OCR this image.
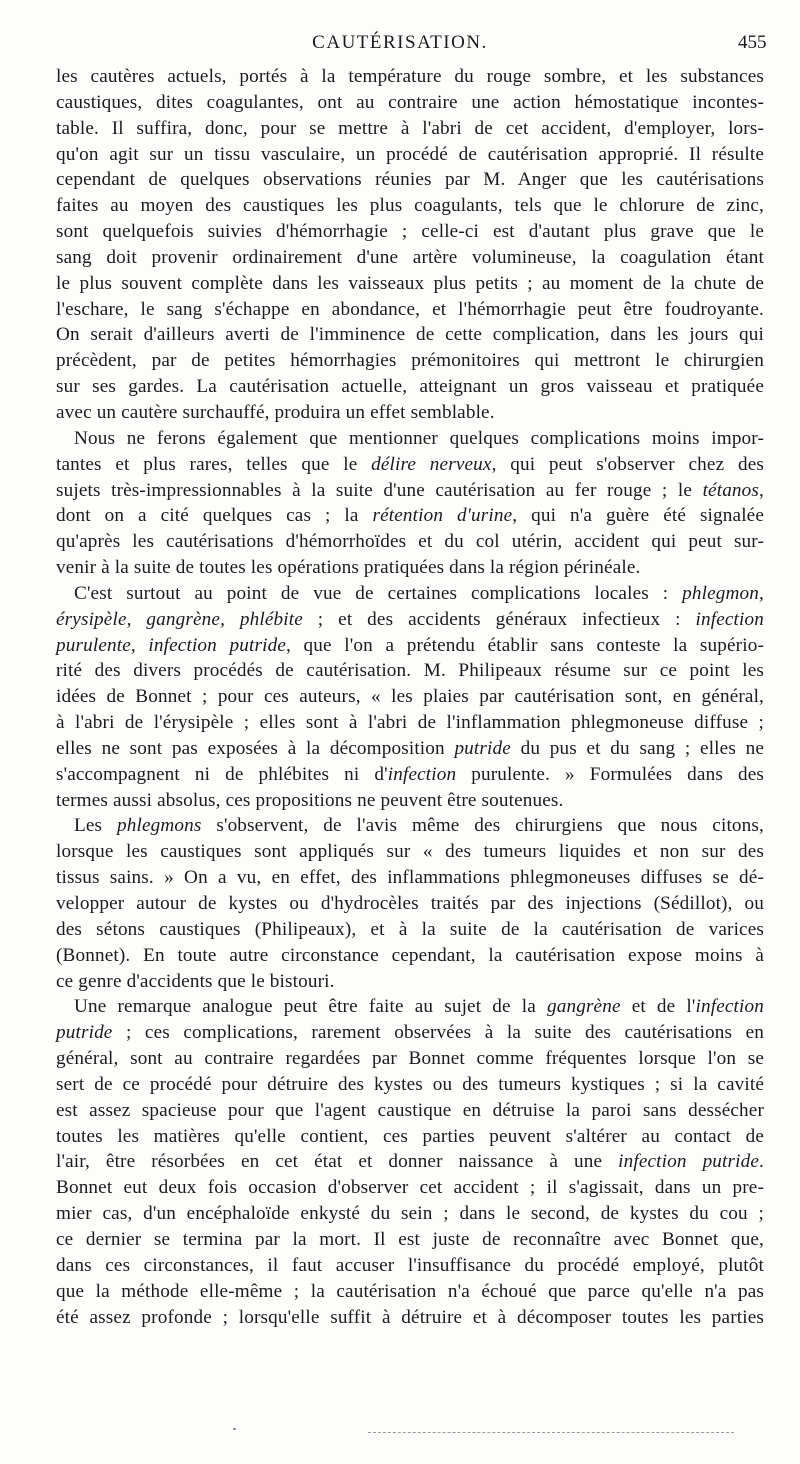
CAUTÉRISATION.	455
les cautères actuels, portés à la température du rouge sombre, et les substances
caustiques, dites coagulantes, ont au contraire une action hémostatique incontes-
table. Il suffira, donc, pour se mettre à l'abri de cet accident, d'employer, lors-
qu'on agit sur un tissu vasculaire, un procédé de cautérisation approprié. Il résulte
cependant de quelques observations réunies par M. Anger que les cautérisations
faites au moyen des caustiques les plus coagulants, tels que le chlorure de zinc,
sont quelquefois suivies d'hémorrhagie ; celle-ci est d'autant plus grave que le
sang doit provenir ordinairement d'une artère volumineuse, la coagulation étant
le plus souvent complète dans les vaisseaux plus petits ; au moment de la chute de
l'eschare, le sang s'échappe en abondance, et l'hémorrhagie peut être foudroyante.
On serait d'ailleurs averti de l'imminence de cette complication, dans les jours qui
précèdent, par de petites hémorrhagies prémonitoires qui mettront le chirurgien
sur ses gardes. La cautérisation actuelle, atteignant un gros vaisseau et pratiquée
avec un cautère surchauffé, produira un effet semblable.
Nous ne ferons également que mentionner quelques complications moins impor-
tantes et plus rares, telles que le délire nerveux, qui peut s'observer chez des
sujets très-impressionnables à la suite d'une cautérisation au fer rouge ; le tétanos,
dont on a cité quelques cas ; la rétention d'urine, qui n'a guère été signalée
qu'après les cautérisations d'hémorrhoïdes et du col utérin, accident qui peut sur-
venir à la suite de toutes les opérations pratiquées dans la région périnéale.
C'est surtout au point de vue de certaines complications locales : phlegmon,
érysipèle, gangrène, phlébite ; et des accidents généraux infectieux : infection
purulente, infection putride, que l'on a prétendu établir sans conteste la supério-
rité des divers procédés de cautérisation. M. Philipeaux résume sur ce point les
idées de Bonnet ; pour ces auteurs, « les plaies par cautérisation sont, en général,
à l'abri de l'érysipèle ; elles sont à l'abri de l'inflammation phlegmoneuse diffuse ;
elles ne sont pas exposées à la décomposition putride du pus et du sang ; elles ne
s'accompagnent ni de phlébites ni d'infection purulente. » Formulées dans des
termes aussi absolus, ces propositions ne peuvent être soutenues.
Les phlegmons s'observent, de l'avis même des chirurgiens que nous citons,
lorsque les caustiques sont appliqués sur « des tumeurs liquides et non sur des
tissus sains. » On a vu, en effet, des inflammations phlegmoneuses diffuses se dé-
velopper autour de kystes ou d'hydrocèles traités par des injections (Sédillot), ou
des sétons caustiques (Philipeaux), et à la suite de la cautérisation de varices
(Bonnet). En toute autre circonstance cependant, la cautérisation expose moins à
ce genre d'accidents que le bistouri.
Une remarque analogue peut être faite au sujet de la gangrène et de l'infection
putride ; ces complications, rarement observées à la suite des cautérisations en
général, sont au contraire regardées par Bonnet comme fréquentes lorsque l'on se
sert de ce procédé pour détruire des kystes ou des tumeurs kystiques ; si la cavité
est assez spacieuse pour que l'agent caustique en détruise la paroi sans dessécher
toutes les matières qu'elle contient, ces parties peuvent s'altérer au contact de
l'air, être résorbées en cet état et donner naissance à une infection putride.
Bonnet eut deux fois occasion d'observer cet accident ; il s'agissait, dans un pre-
mier cas, d'un encéphaloïde enkysté du sein ; dans le second, de kystes du cou ;
ce dernier se termina par la mort. Il est juste de reconnaître avec Bonnet que,
dans ces circonstances, il faut accuser l'insuffisance du procédé employé, plutôt
que la méthode elle-même ; la cautérisation n'a échoué que parce qu'elle n'a pas
été assez profonde ; lorsqu'elle suffit à détruire et à décomposer toutes les parties
